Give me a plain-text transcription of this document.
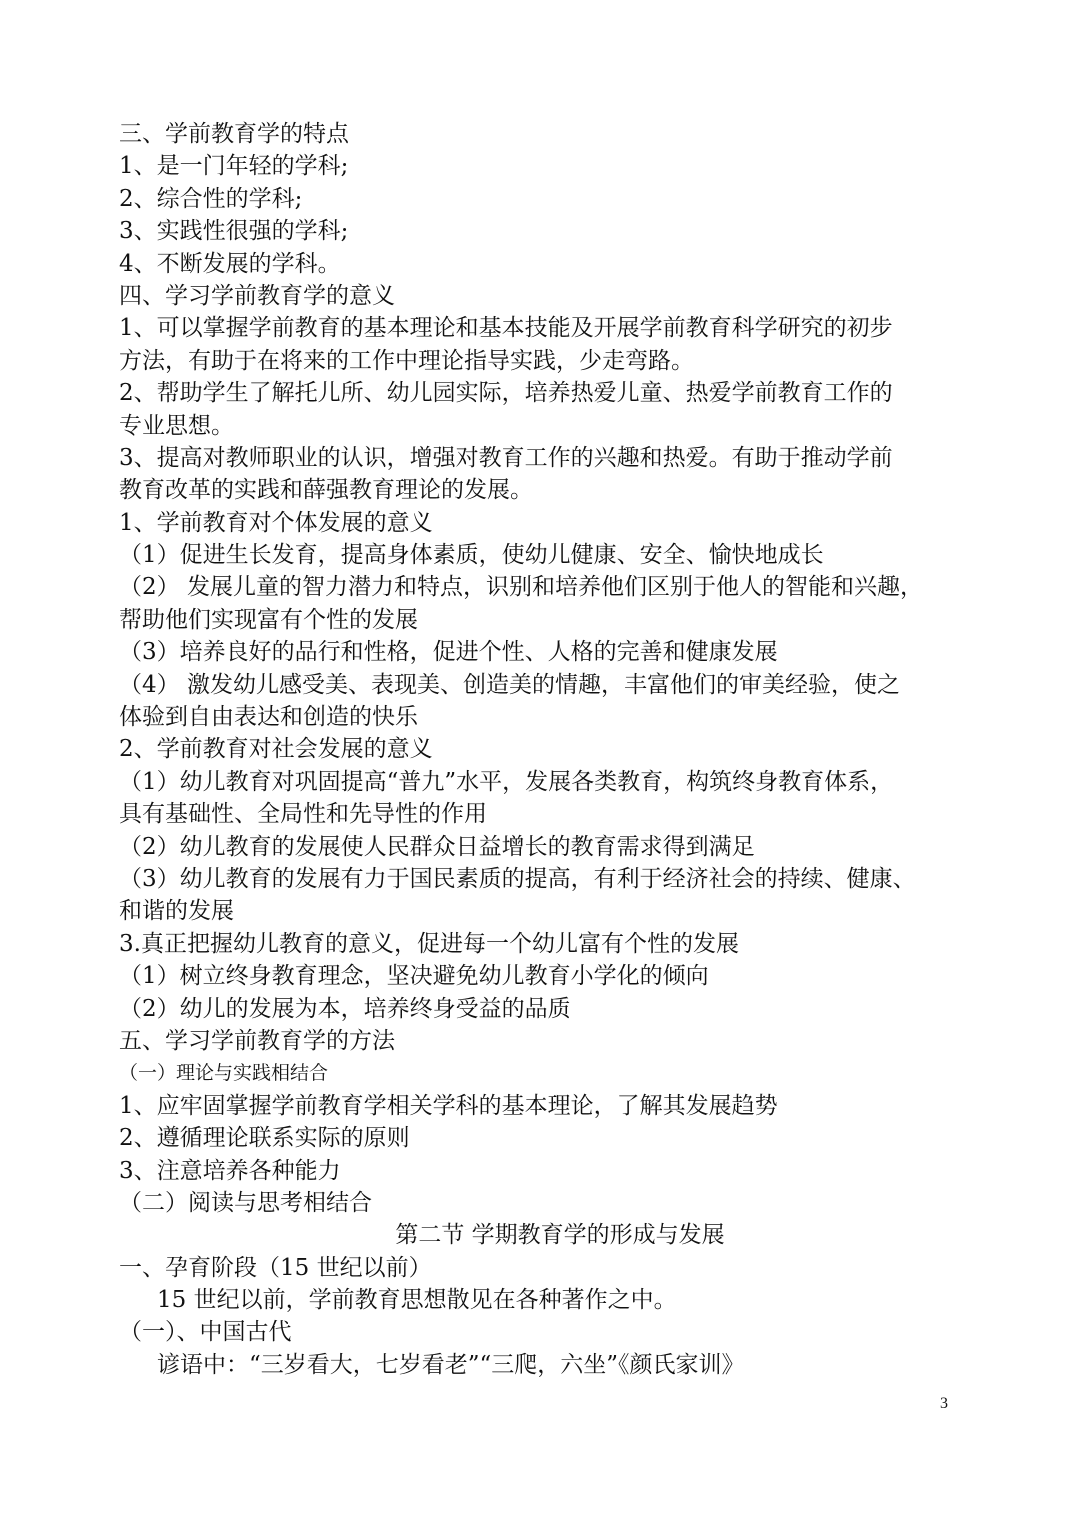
三、学前教育学的特点
1、是一门年轻的学科;
2、综合性的学科;
3、实践性很强的学科;
4、不断发展的学科。
四、学习学前教育学的意义
1、可以掌握学前教育的基本理论和基本技能及开展学前教育科学研究的初步
方法，有助于在将来的工作中理论指导实践，少走弯路。
2、帮助学生了解托儿所、幼儿园实际，培养热爱儿童、热爱学前教育工作的
专业思想。
3、提高对教师职业的认识，增强对教育工作的兴趣和热爱。有助于推动学前
教育改革的实践和薛强教育理论的发展。
1、学前教育对个体发展的意义
（1）促进生长发育，提高身体素质，使幼儿健康、安全、愉快地成长
（2） 发展儿童的智力潜力和特点，识别和培养他们区别于他人的智能和兴趣，
帮助他们实现富有个性的发展
（3）培养良好的品行和性格，促进个性、人格的完善和健康发展
（4） 激发幼儿感受美、表现美、创造美的情趣，丰富他们的审美经验，使之
体验到自由表达和创造的快乐
2、学前教育对社会发展的意义
（1）幼儿教育对巩固提高“普九”水平，发展各类教育，构筑终身教育体系，
具有基础性、全局性和先导性的作用
（2）幼儿教育的发展使人民群众日益增长的教育需求得到满足
（3）幼儿教育的发展有力于国民素质的提高，有利于经济社会的持续、健康、
和谐的发展
3.真正把握幼儿教育的意义，促进每一个幼儿富有个性的发展
（1）树立终身教育理念，坚决避免幼儿教育小学化的倾向
（2）幼儿的发展为本，培养终身受益的品质
五、学习学前教育学的方法
（一）理论与实践相结合
1、应牢固掌握学前教育学相关学科的基本理论，了解其发展趋势
2、遵循理论联系实际的原则
3、注意培养各种能力
（二）阅读与思考相结合
第二节 学期教育学的形成与发展
一、孕育阶段（15 世纪以前）
15 世纪以前，学前教育思想散见在各种著作之中。
（一）、中国古代
谚语中：“三岁看大，七岁看老”“三爬，六坐”《颜氏家训》
3
